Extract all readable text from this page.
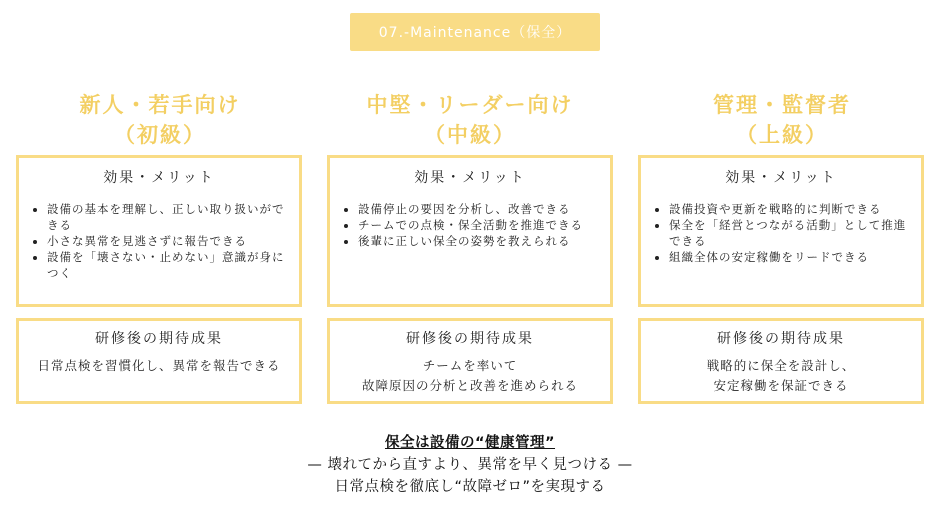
07.-Maintenance（保全）
新人・若手向け
（初級）
効果・メリット
• 設備の基本を理解し、正しい取り扱いができる
• 小さな異常を見逃さずに報告できる
• 設備を「壊さない・止めない」意識が身につく
研修後の期待成果
日常点検を習慣化し、異常を報告できる
中堅・リーダー向け
（中級）
効果・メリット
• 設備停止の要因を分析し、改善できる
• チームでの点検・保全活動を推進できる
• 後輩に正しい保全の姿勢を教えられる
研修後の期待成果
チームを率いて
故障原因の分析と改善を進められる
管理・監督者
（上級）
効果・メリット
• 設備投資や更新を戦略的に判断できる
• 保全を「経営とつながる活動」として推進できる
• 組織全体の安定稼働をリードできる
研修後の期待成果
戦略的に保全を設計し、
安定稼働を保証できる
保全は設備の“健康管理”
— 壊れてから直すより、異常を早く見つける —
日常点検を徹底し“故障ゼロ”を実現する
